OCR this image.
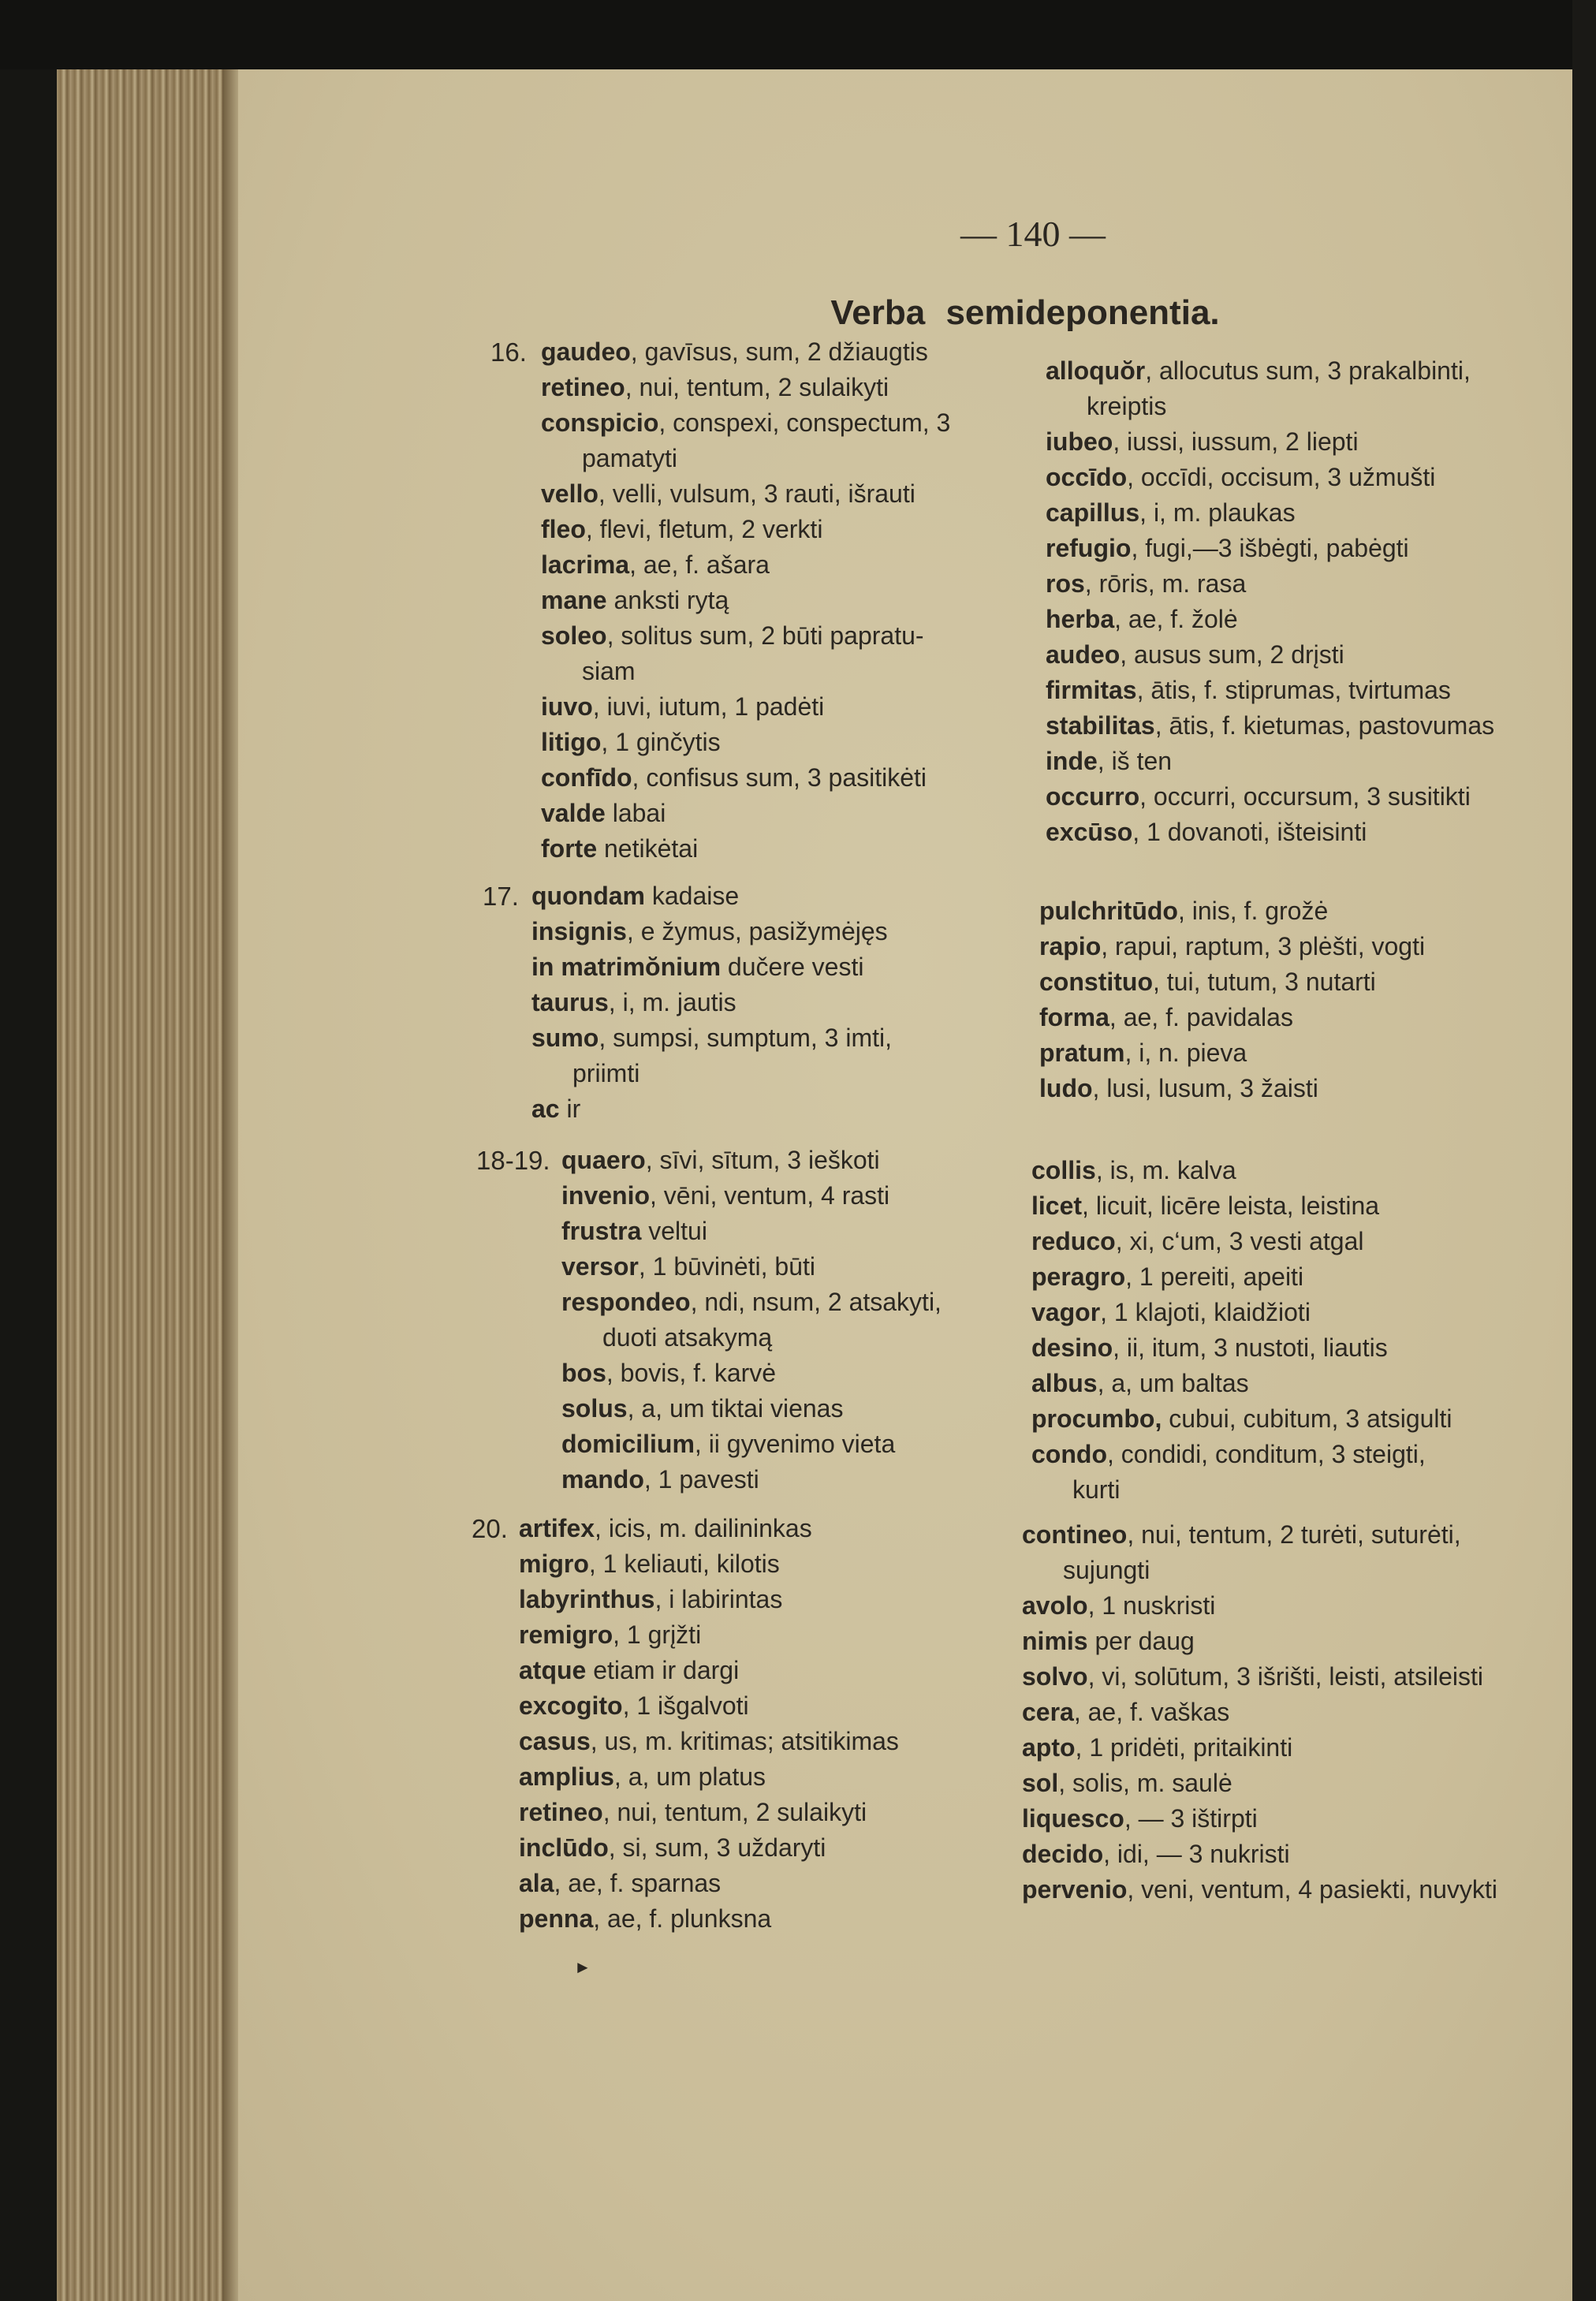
— 140 —
Verba semideponentia.
16. gaudeo, gavīsus, sum, 2 džiaugtis
retineo, nui, tentum, 2 sulaikyti
conspicio, conspexi, conspectum, 3
pamatyti
vello, velli, vulsum, 3 rauti, išrauti
fleo, flevi, fletum, 2 verkti
lacrima, ae, f. ašara
mane anksti rytą
soleo, solitus sum, 2 būti papratu-
siam
iuvo, iuvi, iutum, 1 padėti
litigo, 1 ginčytis
confīdo, confisus sum, 3 pasitikėti
valde labai
forte netikėtai
alloquŏr, allocutus sum, 3 prakalbinti,
kreiptis
iubeo, iussi, iussum, 2 liepti
occīdo, occīdi, occisum, 3 užmušti
capillus, i, m. plaukas
refugio, fugi,—3 išbėgti, pabėgti
ros, rōris, m. rasa
herba, ae, f. žolė
audeo, ausus sum, 2 drįsti
firmitas, ātis, f. stiprumas, tvirtumas
stabilitas, ātis, f. kietumas, pastovumas
inde, iš ten
occurro, occurri, occursum, 3 susitikti
excūso, 1 dovanoti, išteisinti
17. quondam kadaise
insignis, e žymus, pasižymėjęs
in matrimŏnium dučere vesti
taurus, i, m. jautis
sumo, sumpsi, sumptum, 3 imti,
priimti
ac ir
pulchritūdo, inis, f. grožė
rapio, rapui, raptum, 3 plėšti, vogti
constituo, tui, tutum, 3 nutarti
forma, ae, f. pavidalas
pratum, i, n. pieva
ludo, lusi, lusum, 3 žaisti
18-19. quaero, sīvi, sītum, 3 ieškoti
invenio, vēni, ventum, 4 rasti
frustra veltui
versor, 1 būvinėti, būti
respondeo, ndi, nsum, 2 atsakyti,
duoti atsakymą
bos, bovis, f. karvė
solus, a, um tiktai vienas
domicilium, ii gyvenimo vieta
mando, 1 pavesti
collis, is, m. kalva
licet, licuit, licēre leista, leistina
reduco, xi, c‘um, 3 vesti atgal
peragro, 1 pereiti, apeiti
vagor, 1 klajoti, klaidžioti
desino, ii, itum, 3 nustoti, liautis
albus, a, um baltas
procumbo, cubui, cubitum, 3 atsigulti
condo, condidi, conditum, 3 steigti,
kurti
20. artifex, icis, m. dailininkas
migro, 1 keliauti, kilotis
labyrinthus, i labirintas
remigro, 1 grįžti
atque etiam ir dargi
excogito, 1 išgalvoti
casus, us, m. kritimas; atsitikimas
amplius, a, um platus
retineo, nui, tentum, 2 sulaikyti
inclūdo, si, sum, 3 uždaryti
ala, ae, f. sparnas
penna, ae, f. plunksna
contineo, nui, tentum, 2 turėti, suturėti,
sujungti
avolo, 1 nuskristi
nimis per daug
solvo, vi, solūtum, 3 išrišti, leisti, atsileisti
cera, ae, f. vaškas
apto, 1 pridėti, pritaikinti
sol, solis, m. saulė
liquesco, — 3 ištirpti
decido, idi, — 3 nukristi
pervenio, veni, ventum, 4 pasiekti, nuvykti
►
